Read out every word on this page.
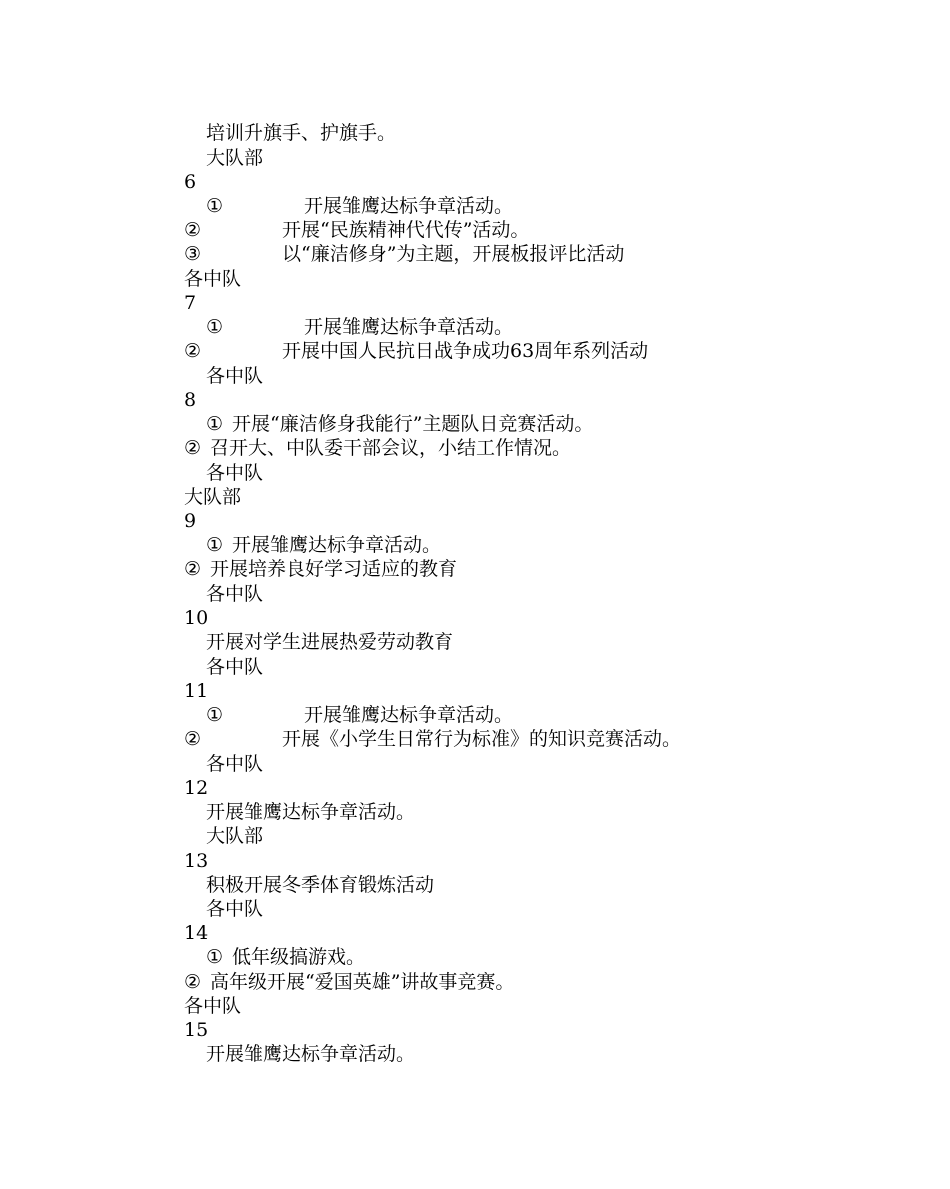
培训升旗手、护旗手。
大队部
6
①	开展雏鹰达标争章活动。
②	开展“民族精神代代传”活动。
③	以“廉洁修身”为主题，开展板报评比活动
各中队
7
①	开展雏鹰达标争章活动。
②	开展中国人民抗日战争成功63周年系列活动
各中队
8
① 开展“廉洁修身我能行”主题队日竞赛活动。
② 召开大、中队委干部会议，小结工作情况。
各中队
大队部
9
① 开展雏鹰达标争章活动。
② 开展培养良好学习适应的教育
各中队
10
开展对学生进展热爱劳动教育
各中队
11
①	开展雏鹰达标争章活动。
②	开展《小学生日常行为标准》的知识竞赛活动。
各中队
12
开展雏鹰达标争章活动。
大队部
13
积极开展冬季体育锻炼活动
各中队
14
① 低年级搞游戏。
② 高年级开展“爱国英雄”讲故事竞赛。
各中队
15
开展雏鹰达标争章活动。
